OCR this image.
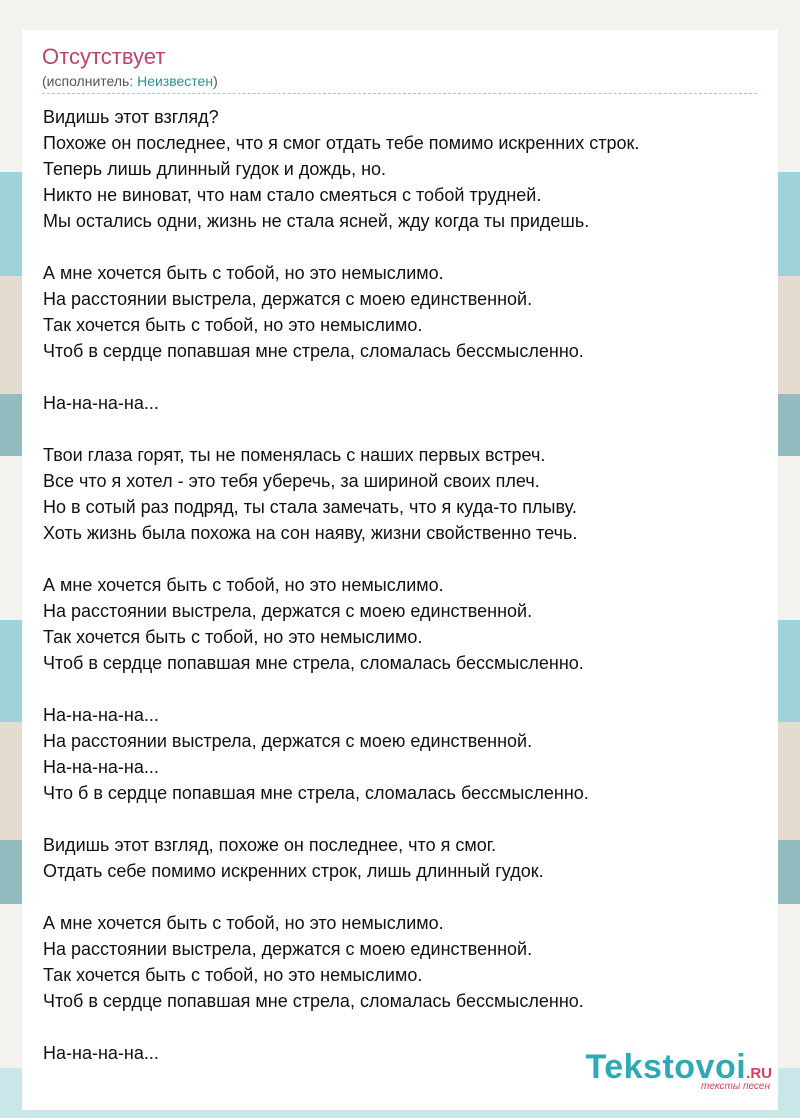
Отсутствует
(исполнитель: Неизвестен)
Видишь этот взгляд?
Похоже он последнее, что я смог отдать тебе помимо искренних строк.
Теперь лишь длинный гудок и дождь, но.
Никто не виноват, что нам стало смеяться с тобой трудней.
Мы остались одни, жизнь не стала ясней, жду когда ты придешь.
А мне хочется быть с тобой, но это немыслимо.
На расстоянии выстрела, держатся с моею единственной.
Так хочется быть с тобой, но это немыслимо.
Чтоб в сердце попавшая мне стрела, сломалась бессмысленно.
На-на-на-на...
Твои глаза горят, ты не поменялась с наших первых встреч.
Все что я хотел - это тебя уберечь, за шириной своих плеч.
Но в сотый раз подряд, ты стала замечать, что я куда-то плыву.
Хоть жизнь была похожа на сон наяву, жизни свойственно течь.
А мне хочется быть с тобой, но это немыслимо.
На расстоянии выстрела, держатся с моею единственной.
Так хочется быть с тобой, но это немыслимо.
Чтоб в сердце попавшая мне стрела, сломалась бессмысленно.
На-на-на-на...
На расстоянии выстрела, держатся с моею единственной.
На-на-на-на...
Что б в сердце попавшая мне стрела, сломалась бессмысленно.
Видишь этот взгляд, похоже он последнее, что я смог.
Отдать себе помимо искренних строк, лишь длинный гудок.
А мне хочется быть с тобой, но это немыслимо.
На расстоянии выстрела, держатся с моею единственной.
Так хочется быть с тобой, но это немыслимо.
Чтоб в сердце попавшая мне стрела, сломалась бессмысленно.
На-на-на-на...	Tekstovoi.RU
тексты песен
